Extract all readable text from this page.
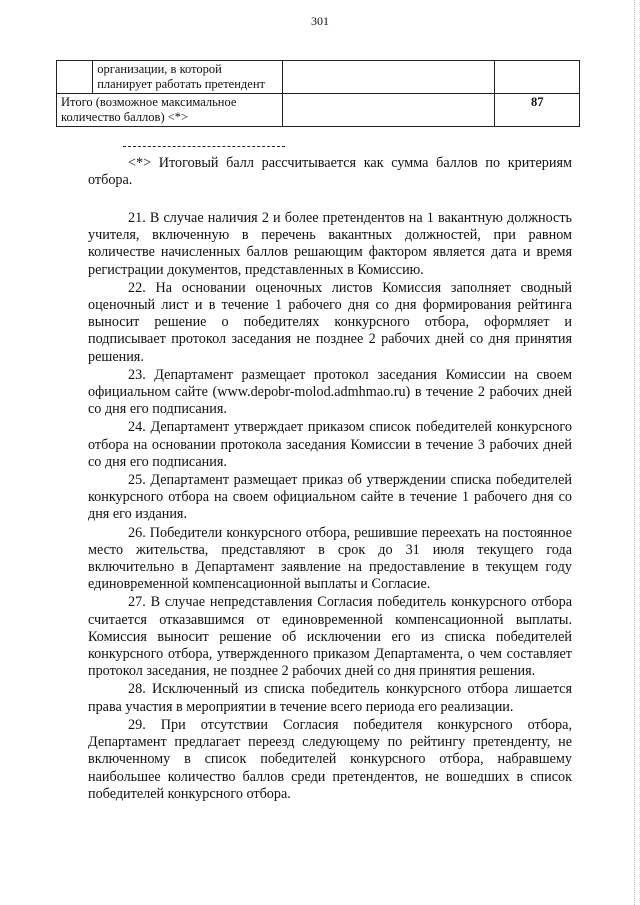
301
	организации, в которой планирует работать претендент		
Итого (возможное максимальное количество баллов) <*>			87

<*> Итоговый балл рассчитывается как сумма баллов по критериям отбора.

21. В случае наличия 2 и более претендентов на 1 вакантную должность учителя, включенную в перечень вакантных должностей, при равном количестве начисленных баллов решающим фактором является дата и время регистрации документов, представленных в Комиссию.

22. На основании оценочных листов Комиссия заполняет сводный оценочный лист и в течение 1 рабочего дня со дня формирования рейтинга выносит решение о победителях конкурсного отбора, оформляет и подписывает протокол заседания не позднее 2 рабочих дней со дня принятия решения.

23. Департамент размещает протокол заседания Комиссии на своем официальном сайте (www.depobr-molod.admhmao.ru) в течение 2 рабочих дней со дня его подписания.

24. Департамент утверждает приказом список победителей конкурсного отбора на основании протокола заседания Комиссии в течение 3 рабочих дней со дня его подписания.

25. Департамент размещает приказ об утверждении списка победителей конкурсного отбора на своем официальном сайте в течение 1 рабочего дня со дня его издания.

26. Победители конкурсного отбора, решившие переехать на постоянное место жительства, представляют в срок до 31 июля текущего года включительно в Департамент заявление на предоставление в текущем году единовременной компенсационной выплаты и Согласие.

27. В случае непредставления Согласия победитель конкурсного отбора считается отказавшимся от единовременной компенсационной выплаты. Комиссия выносит решение об исключении его из списка победителей конкурсного отбора, утвержденного приказом Департамента, о чем составляет протокол заседания, не позднее 2 рабочих дней со дня принятия решения.

28. Исключенный из списка победитель конкурсного отбора лишается права участия в мероприятии в течение всего периода его реализации.

29. При отсутствии Согласия победителя конкурсного отбора, Департамент предлагает переезд следующему по рейтингу претенденту, не включенному в список победителей конкурсного отбора, набравшему наибольшее количество баллов среди претендентов, не вошедших в список победителей конкурсного отбора.
